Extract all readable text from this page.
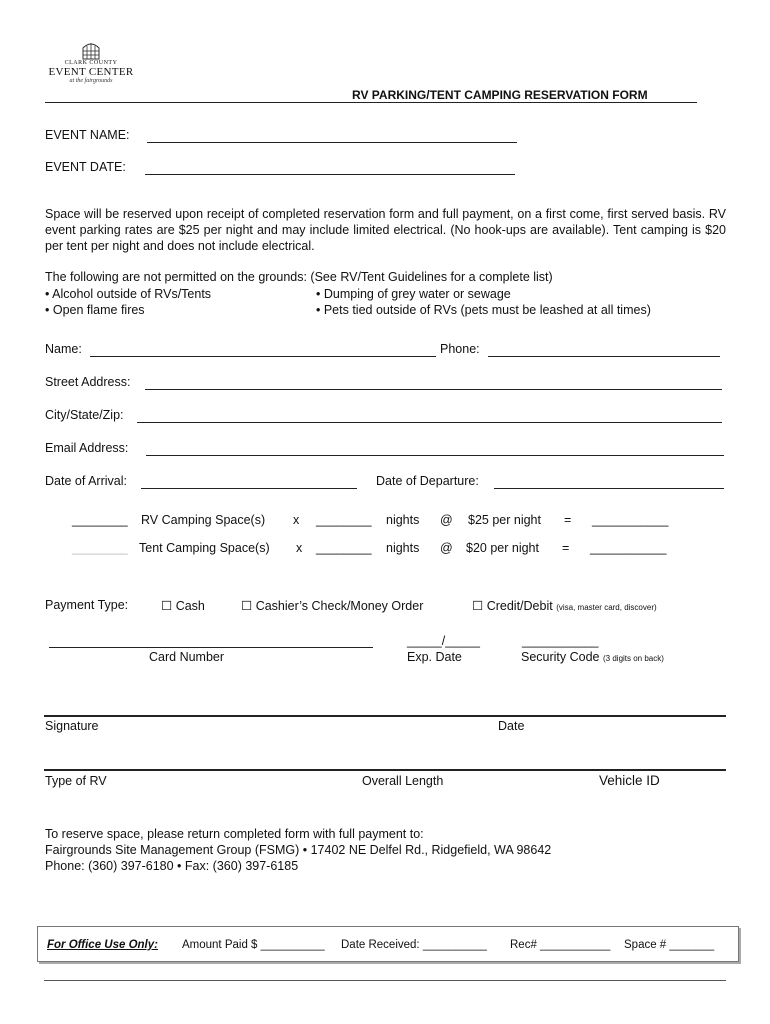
CLARK COUNTY
EVENT CENTER
at the fairgrounds
RV PARKING/TENT CAMPING RESERVATION FORM
EVENT NAME:
EVENT DATE:
Space will be reserved upon receipt of completed reservation form and full payment, on a first come, first served basis. RV event parking rates are $25 per night and may include limited electrical. (No hook-ups are available). Tent camping is $20 per tent per night and does not include electrical.
The following are not permitted on the grounds: (See RV/Tent Guidelines for a complete list)
• Alcohol outside of RVs/Tents
• Open flame fires
• Dumping of grey water or sewage
• Pets tied outside of RVs (pets must be leashed at all times)
Name:	Phone:
Street Address:
City/State/Zip:
Email Address:
Date of Arrival:	Date of Departure:
________ RV Camping Space(s) x ________ nights @ $25 per night = ___________
________ Tent Camping Space(s) x ________ nights @ $20 per night = ___________
Payment Type:	☐ Cash	☐ Cashier’s Check/Money Order	☐ Credit/Debit (visa, master card, discover)
Card Number
_____/_____
Exp. Date
___________
Security Code (3 digits on back)
Signature	Date
Type of RV	Overall Length	Vehicle ID
To reserve space, please return completed form with full payment to:
Fairgrounds Site Management Group (FSMG) • 17402 NE Delfel Rd., Ridgefield, WA 98642
Phone: (360) 397-6180 • Fax: (360) 397-6185
For Office Use Only: Amount Paid $ __________ Date Received: __________ Rec# ___________ Space # _______
